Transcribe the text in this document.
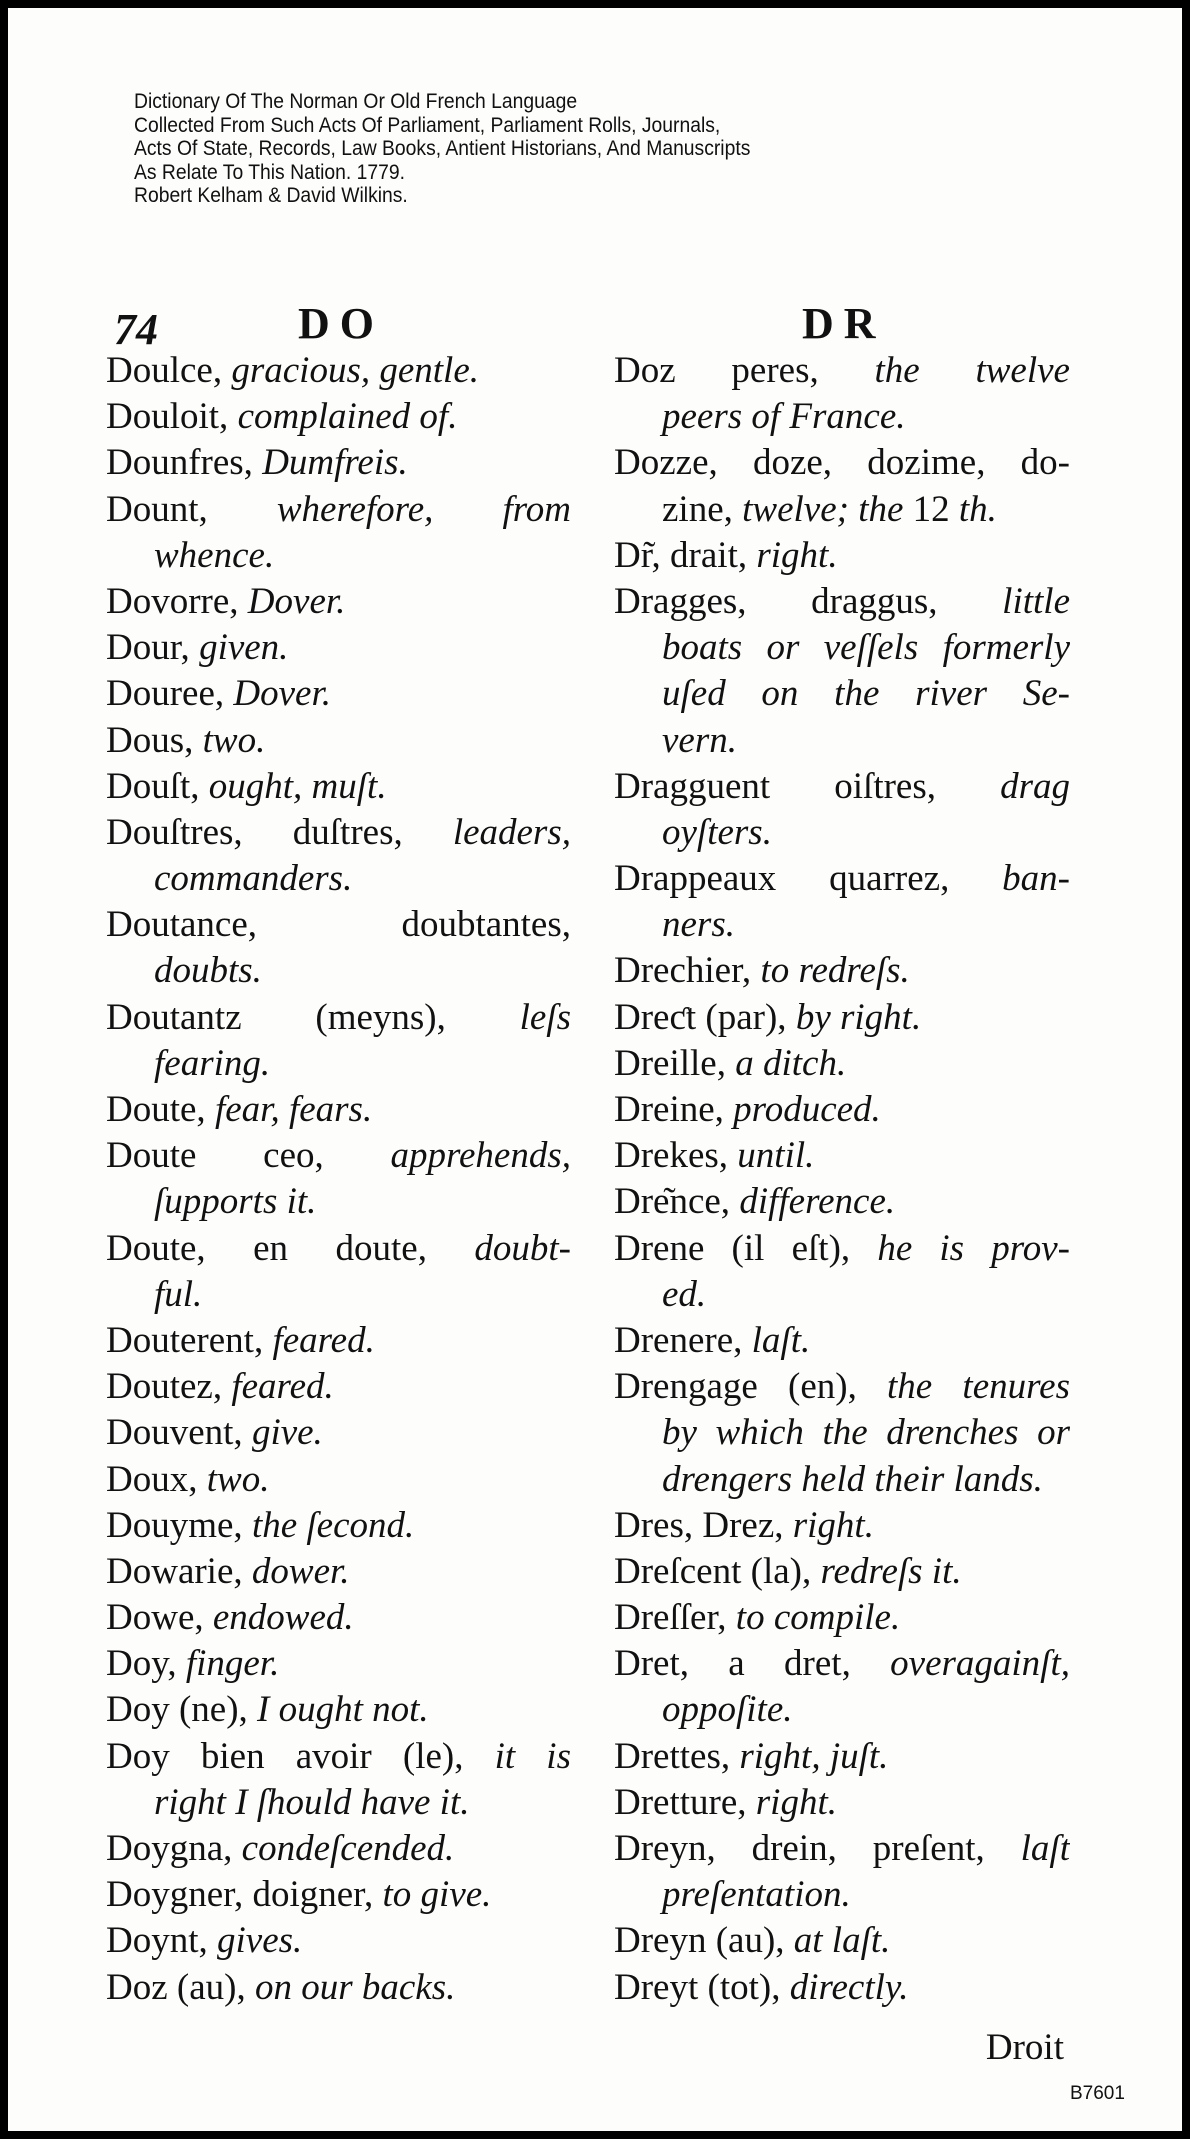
Dictionary Of The Norman Or Old French Language
Collected From Such Acts Of Parliament, Parliament Rolls, Journals,
Acts Of State, Records, Law Books, Antient Historians, And Manuscripts
As Relate To This Nation. 1779.
Robert Kelham & David Wilkins.
74	DO	DR
Doulce, gracious, gentle.
Douloit, complained of.
Dounfres, Dumfreis.
Dount, wherefore, from
whence.
Dovorre, Dover.
Dour, given.
Douree, Dover.
Dous, two.
Douſt, ought, muſt.
Douſtres, duſtres, leaders,
commanders.
Doutance, doubtantes,
doubts.
Doutantz (meyns), leſs
fearing.
Doute, fear, fears.
Doute ceo, apprehends,
ſupports it.
Doute, en doute, doubt-
ful.
Douterent, feared.
Doutez, feared.
Douvent, give.
Doux, two.
Douyme, the ſecond.
Dowarie, dower.
Dowe, endowed.
Doy, finger.
Doy (ne), I ought not.
Doy bien avoir (le), it is
right I ſhould have it.
Doygna, condeſcended.
Doygner, doigner, to give.
Doynt, gives.
Doz (au), on our backs.
Doz peres, the twelve
peers of France.
Dozze, doze, dozime, do-
zine, twelve; the 12 th.
Dr̃, drait, right.
Dragges, draggus, little
boats or veſſels formerly
uſed on the river Se-
vern.
Dragguent oiſtres, drag
oyſters.
Drappeaux quarrez, ban-
ners.
Drechier, to redreſs.
Dreƈt (par), by right.
Dreille, a ditch.
Dreine, produced.
Drekes, until.
Dre͂nce, difference.
Drene (il eſt), he is prov-
ed.
Drenere, laſt.
Drengage (en), the tenures
by which the drenches or
drengers held their lands.
Dres, Drez, right.
Dreſcent (la), redreſs it.
Dreſſer, to compile.
Dret, a dret, overagainſt,
oppoſite.
Drettes, right, juſt.
Dretture, right.
Dreyn, drein, preſent, laſt
preſentation.
Dreyn (au), at laſt.
Dreyt (tot), directly.
Droit
B7601
